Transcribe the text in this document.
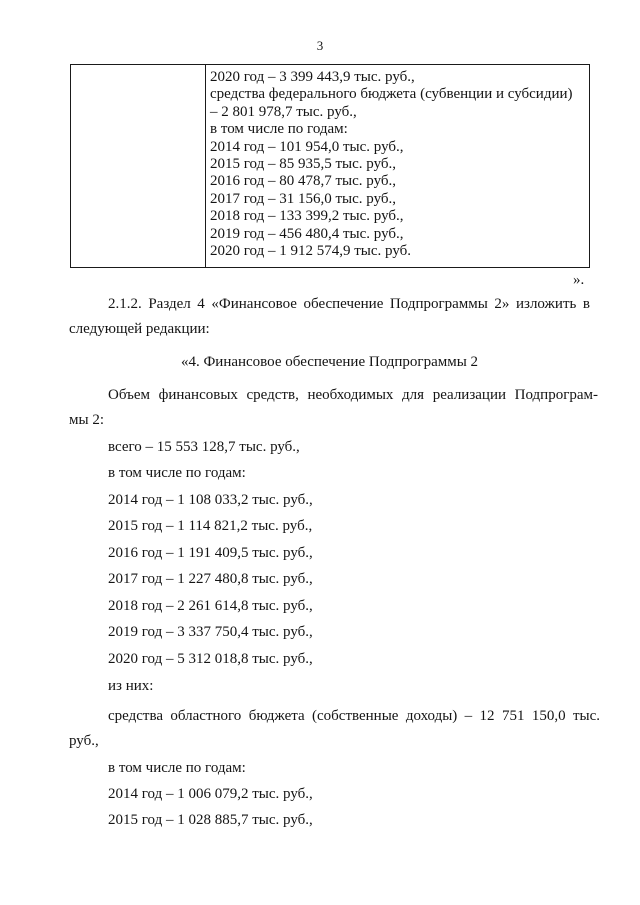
3
2020 год – 3 399 443,9 тыс. руб.,
средства федерального бюджета (субвенции и субсидии)
– 2 801 978,7 тыс. руб.,
в том числе по годам:
2014 год – 101 954,0 тыс. руб.,
2015 год – 85 935,5 тыс. руб.,
2016 год – 80 478,7 тыс. руб.,
2017 год – 31 156,0 тыс. руб.,
2018 год – 133 399,2 тыс. руб.,
2019 год – 456 480,4 тыс. руб.,
2020 год – 1 912 574,9 тыс. руб.
».
2.1.2. Раздел 4 «Финансовое обеспечение Подпрограммы 2» изложить в
следующей редакции:
«4. Финансовое обеспечение Подпрограммы 2
Объем финансовых средств, необходимых для реализации Подпрограм-
мы 2:
всего – 15 553 128,7 тыс. руб.,
в том числе по годам:
2014 год – 1 108 033,2 тыс. руб.,
2015 год – 1 114 821,2 тыс. руб.,
2016 год – 1 191 409,5 тыс. руб.,
2017 год – 1 227 480,8 тыс. руб.,
2018 год – 2 261 614,8 тыс. руб.,
2019 год – 3 337 750,4 тыс. руб.,
2020 год – 5 312 018,8 тыс. руб.,
из них:
средства областного бюджета (собственные доходы) – 12 751 150,0 тыс.
руб.,
в том числе по годам:
2014 год – 1 006 079,2 тыс. руб.,
2015 год – 1 028 885,7 тыс. руб.,
